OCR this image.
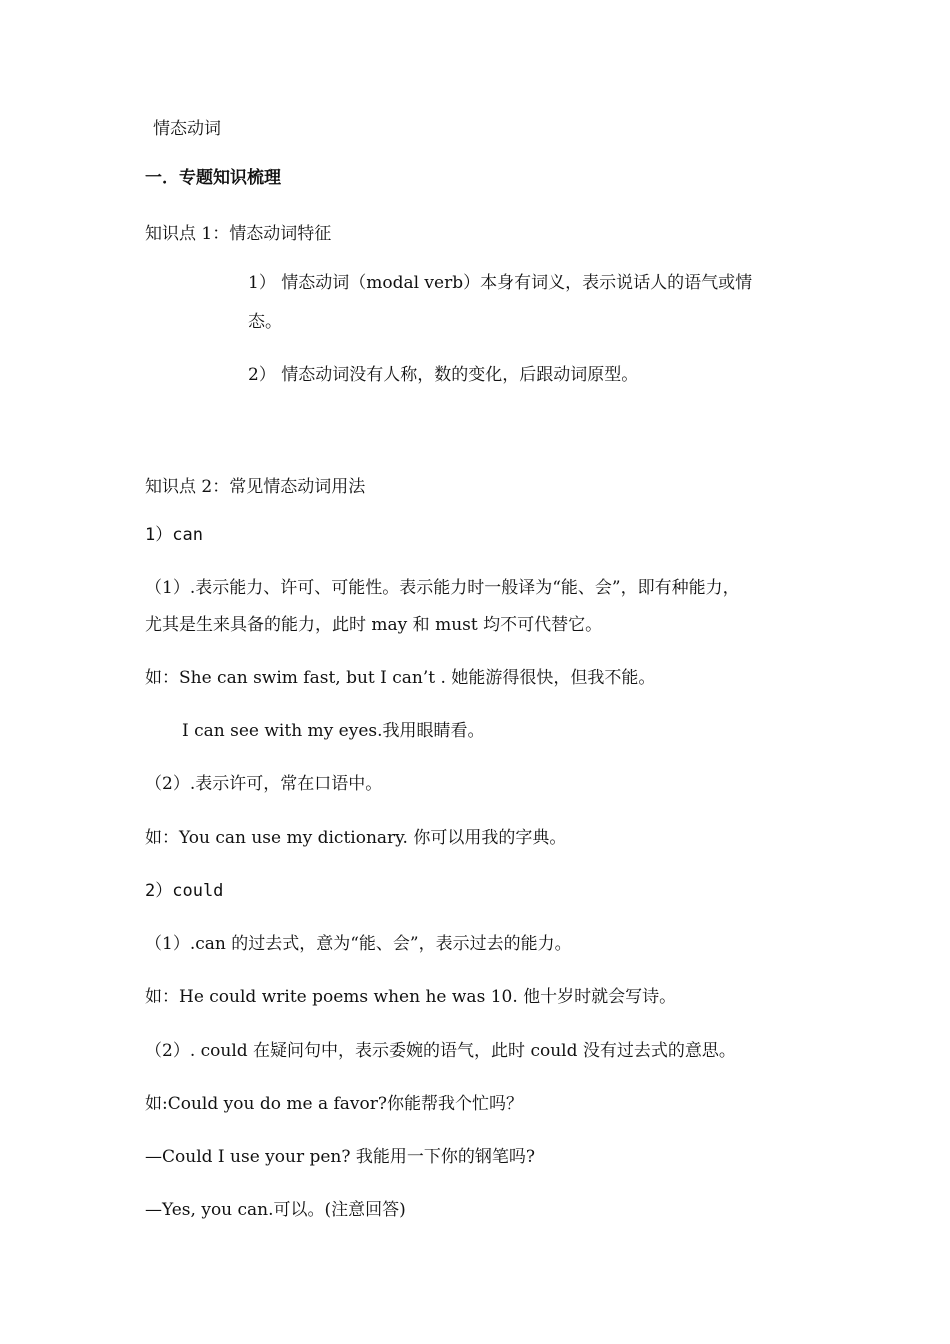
情态动词
一．专题知识梳理
知识点 1：情态动词特征
1） 情态动词（modal verb）本身有词义，表示说话人的语气或情
态。
2） 情态动词没有人称，数的变化，后跟动词原型。
知识点 2：常见情态动词用法
1）can
（1）.表示能力、许可、可能性。表示能力时一般译为“能、会”，即有种能力，
尤其是生来具备的能力，此时 may 和 must 均不可代替它。
如：She can swim fast, but I can’t . 她能游得很快，但我不能。
I can see with my eyes.我用眼睛看。
（2）.表示许可，常在口语中。
如：You can use my dictionary. 你可以用我的字典。
2）could
（1）.can 的过去式，意为“能、会”，表示过去的能力。
如：He could write poems when he was 10. 他十岁时就会写诗。
（2）. could 在疑问句中，表示委婉的语气，此时 could 没有过去式的意思。
如:Could you do me a favor?你能帮我个忙吗？
—Could I use your pen? 我能用一下你的钢笔吗?
—Yes, you can.可以。(注意回答)
